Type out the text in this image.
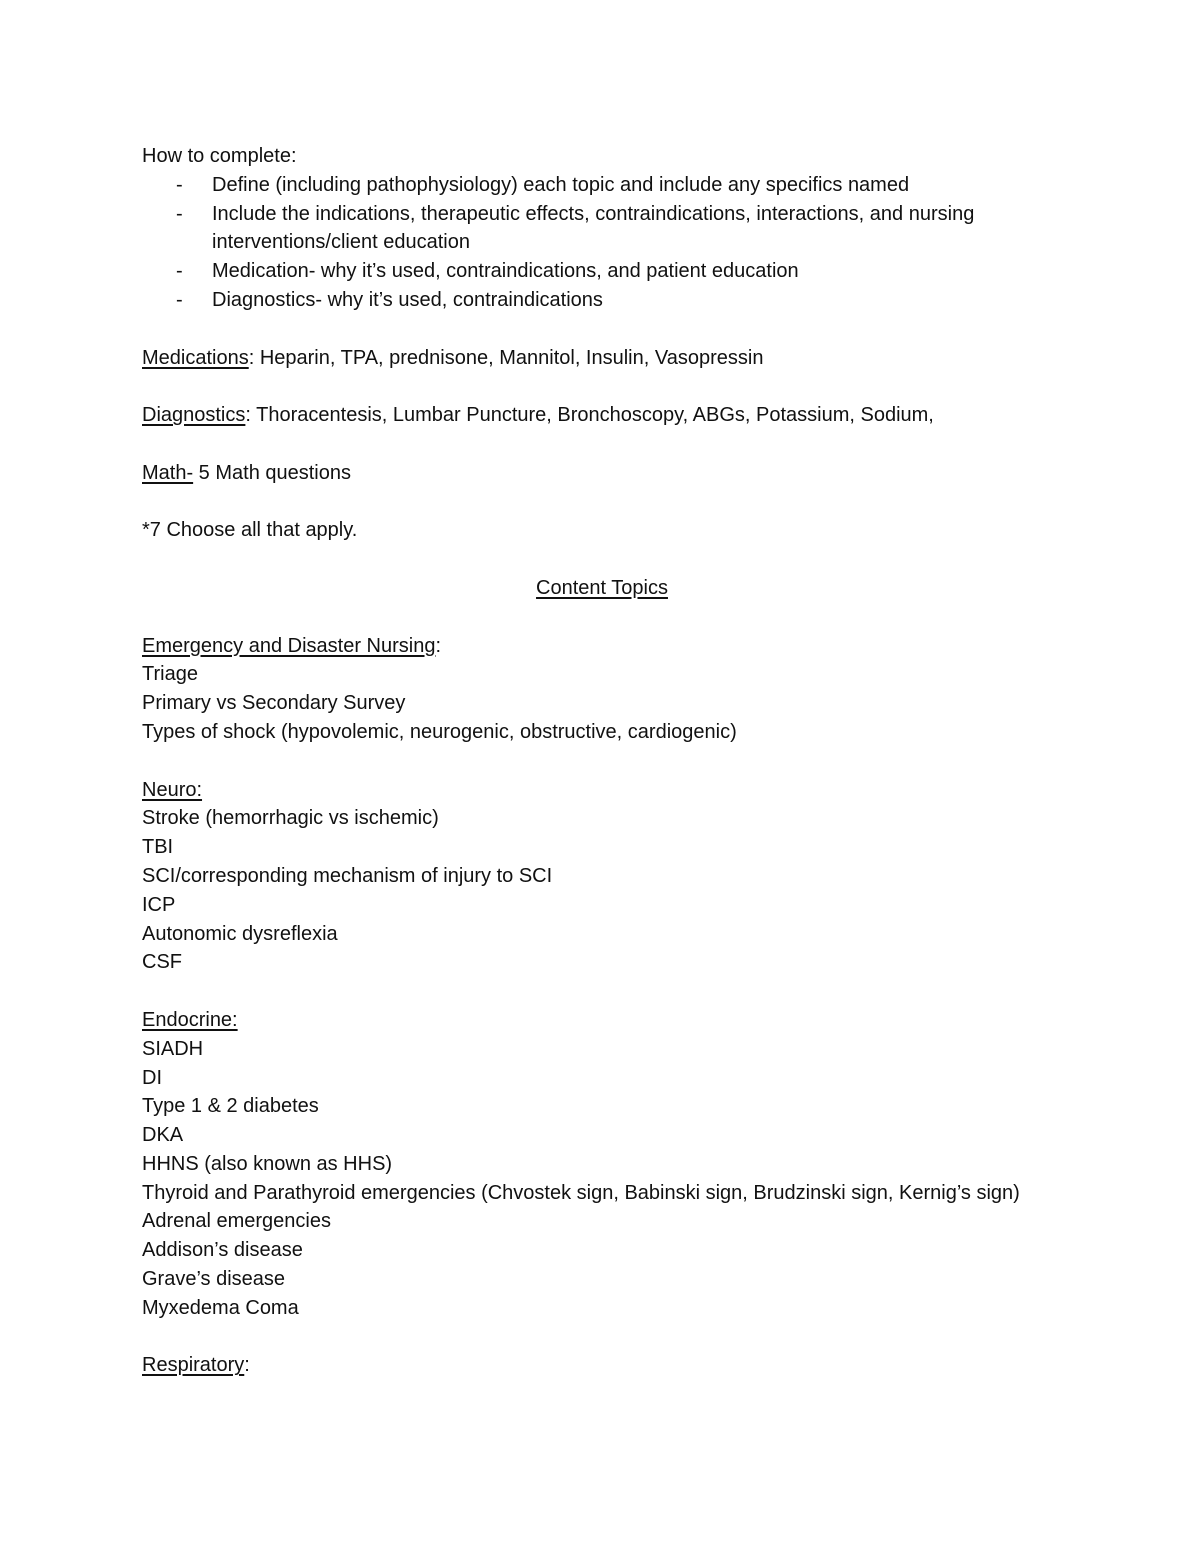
How to complete:

- Define (including pathophysiology) each topic and include any specifics named
- Include the indications, therapeutic effects, contraindications, interactions, and nursing interventions/client education
- Medication- why it’s used, contraindications, and patient education
- Diagnostics- why it’s used, contraindications

Medications: Heparin, TPA, prednisone, Mannitol, Insulin, Vasopressin

Diagnostics: Thoracentesis, Lumbar Puncture, Bronchoscopy, ABGs, Potassium, Sodium,

Math- 5 Math questions

*7 Choose all that apply.

Content Topics

Emergency and Disaster Nursing:

Triage
Primary vs Secondary Survey
Types of shock (hypovolemic, neurogenic, obstructive, cardiogenic)

Neuro:

Stroke (hemorrhagic vs ischemic)
TBI
SCI/corresponding mechanism of injury to SCI
ICP
Autonomic dysreflexia
CSF

Endocrine:

SIADH
DI
Type 1 & 2 diabetes
DKA
HHNS (also known as HHS)
Thyroid and Parathyroid emergencies (Chvostek sign, Babinski sign, Brudzinski sign, Kernig’s sign)
Adrenal emergencies
Addison’s disease
Grave’s disease
Myxedema Coma

Respiratory:
